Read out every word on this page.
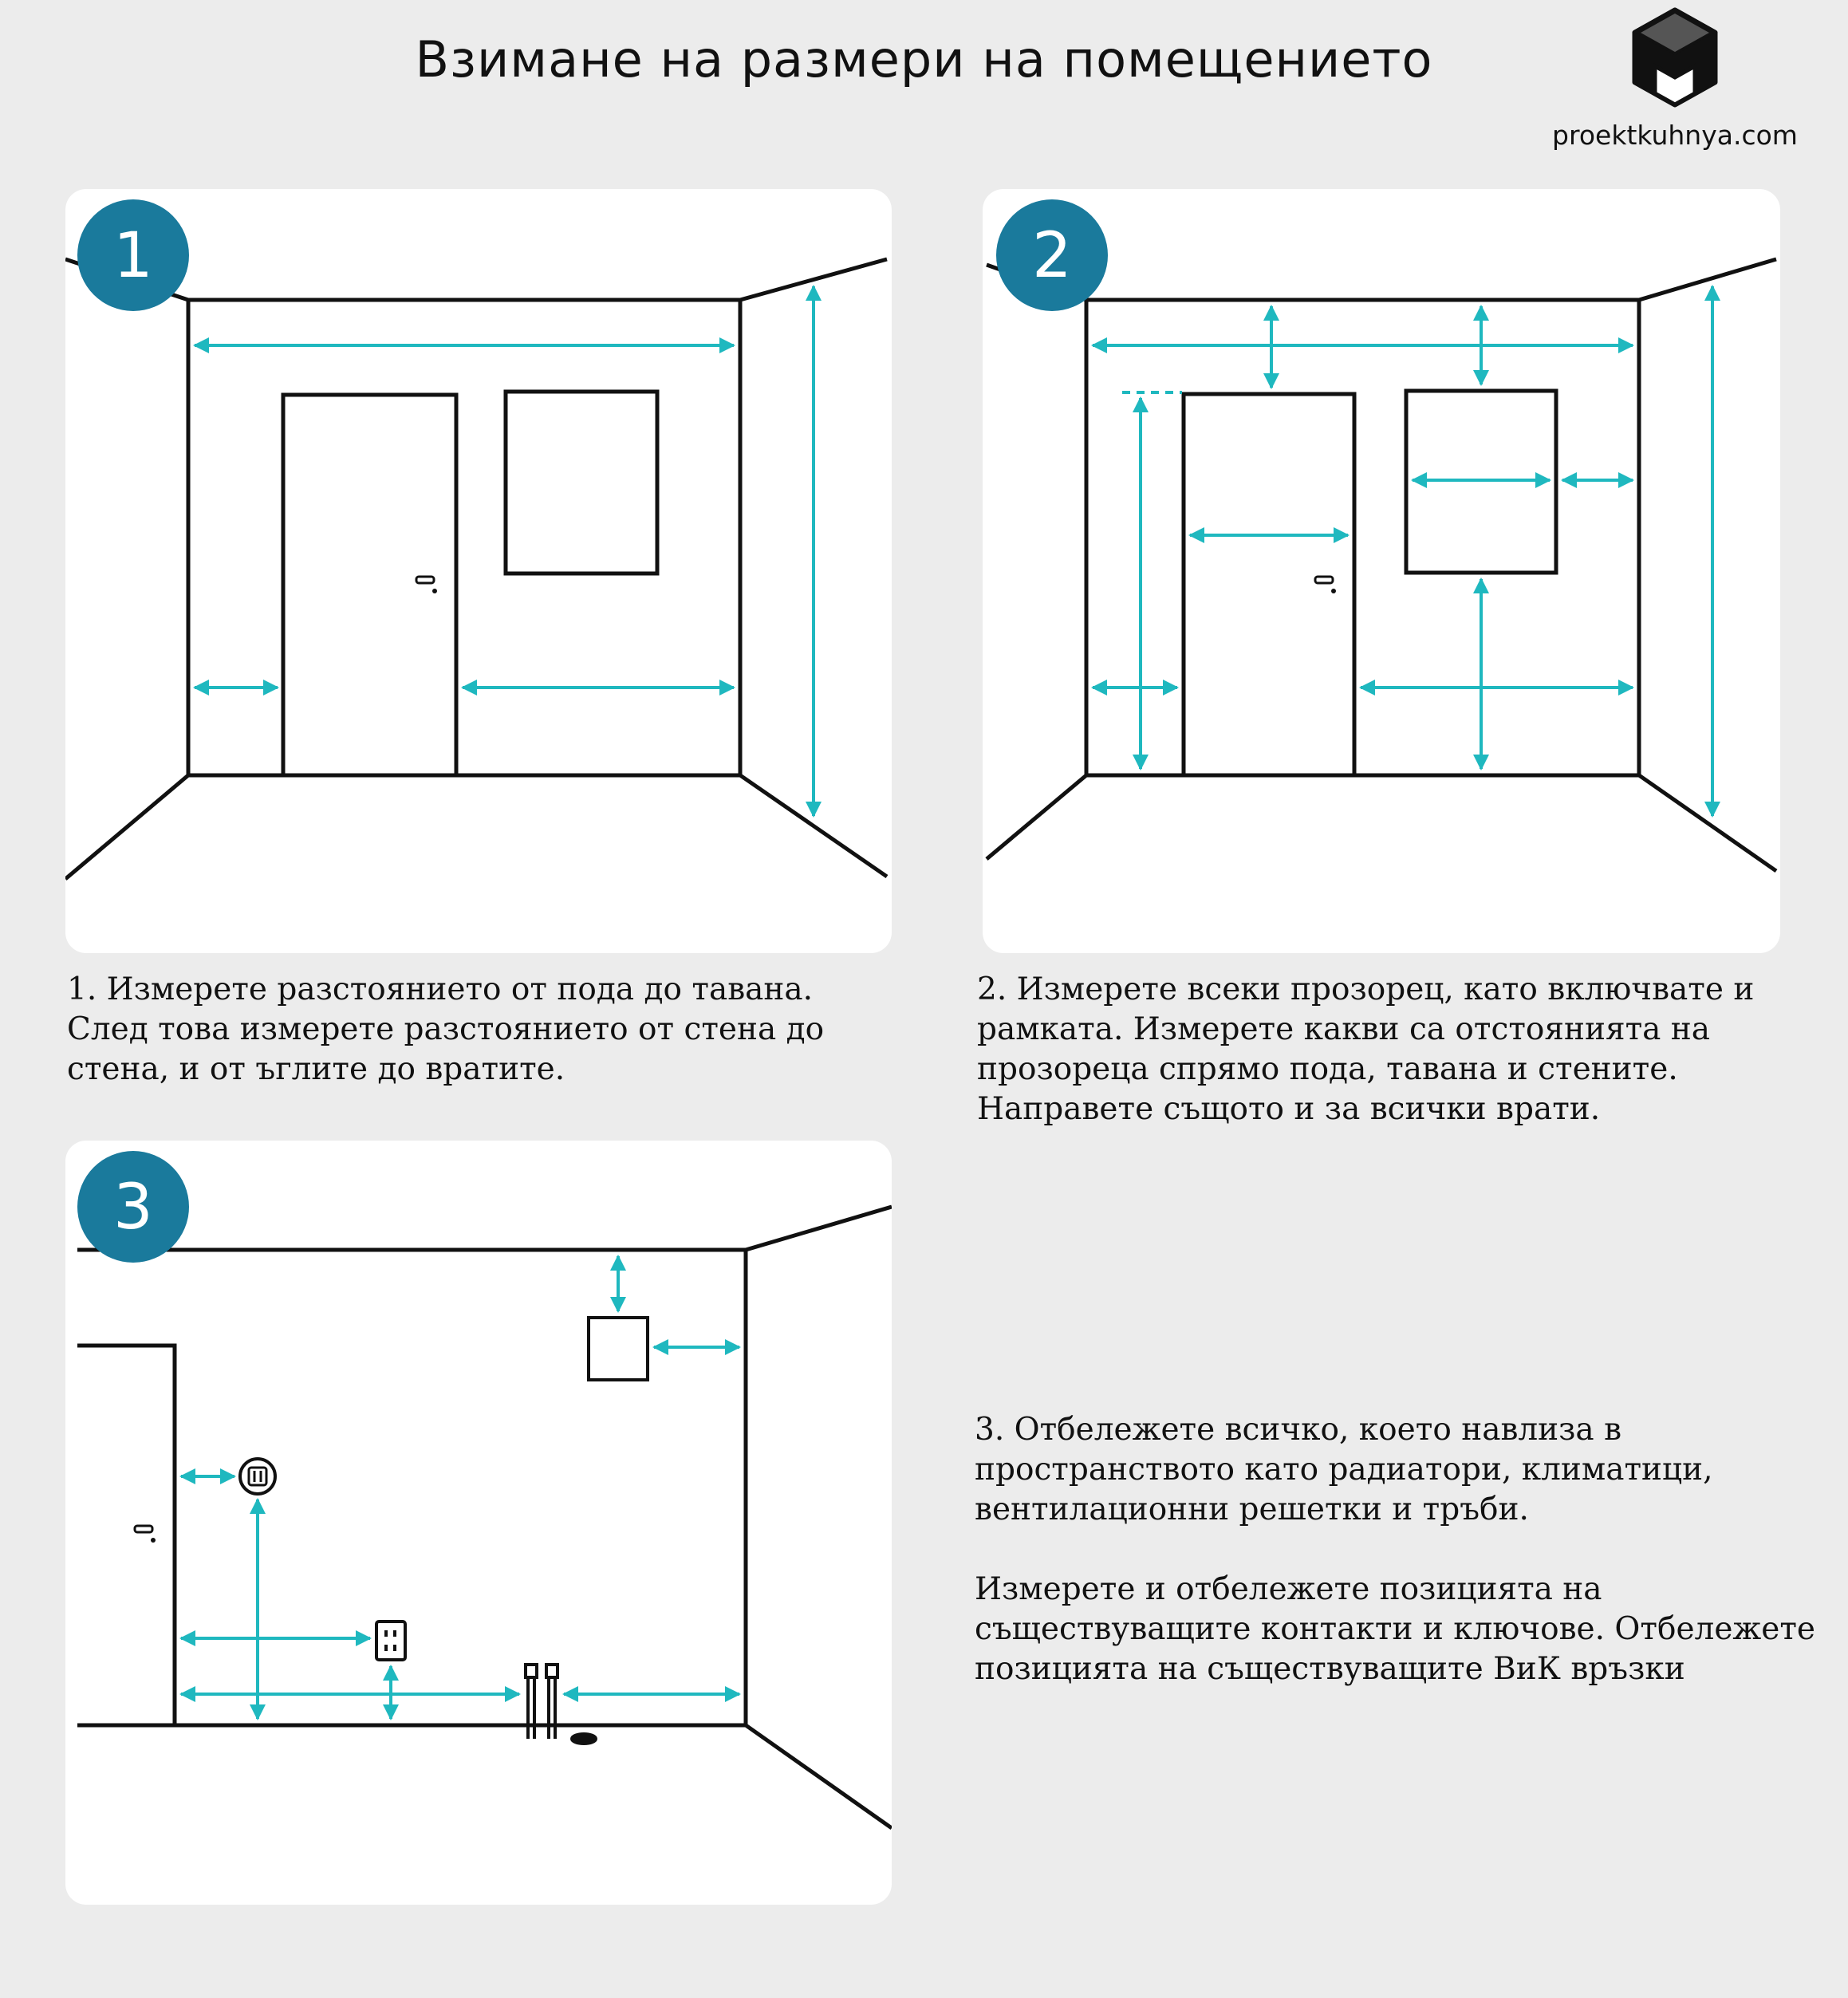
Взимане на размери на помещението
proektkuhnya.com
1	2
3

1. Измерете разстоянието от пода до тавана. След това измерете разстоянието от стена до стена, и от ъглите до вратите.

2. Измерете всеки прозорец, като включвате и рамката. Измерете какви са отстоянията на прозореца спрямо пода, тавана и стените. Направете същото и за всички врати.

3. Отбележете всичко, което навлиза в пространството като радиатори, климатици, вентилационни решетки и тръби.

Измерете и отбележете позицията на съществуващите контакти и ключове. Отбележете позицията на съществуващите ВиК връзки
